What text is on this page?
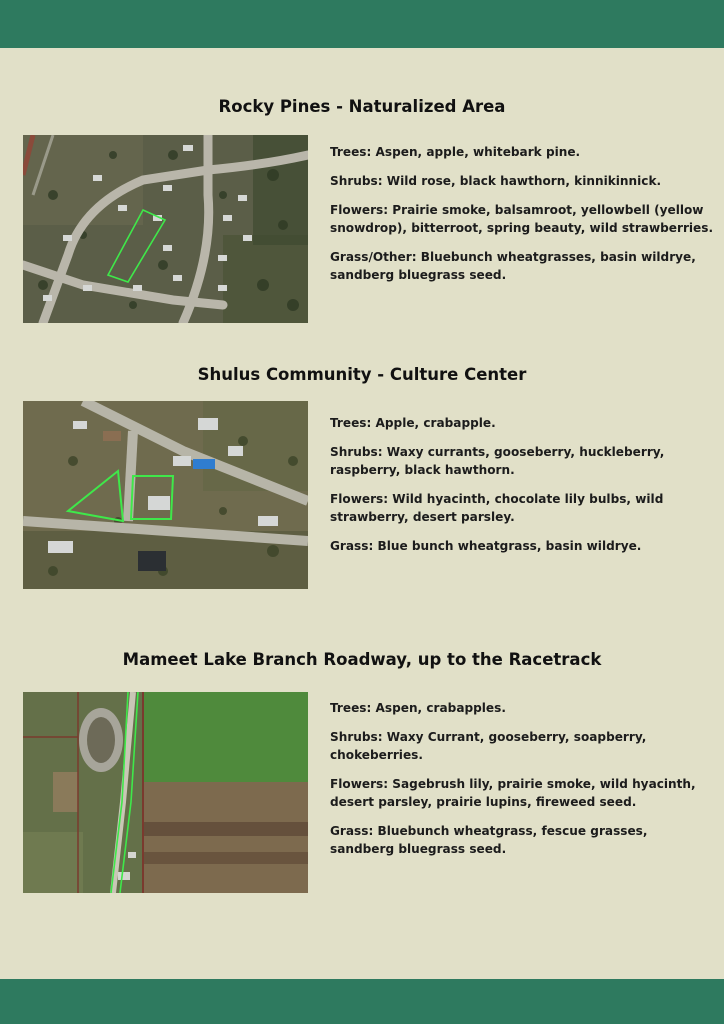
Rocky Pines - Naturalized Area

Trees: Aspen, apple, whitebark pine.

Shrubs: Wild rose, black hawthorn, kinnikinnick.

Flowers: Prairie smoke, balsamroot, yellowbell (yellow snowdrop), bitterroot, spring beauty, wild strawberries.

Grass/Other: Bluebunch wheatgrasses, basin wildrye, sandberg bluegrass seed.

Shulus Community - Culture Center

Trees: Apple, crabapple.

Shrubs: Waxy currants, gooseberry, huckleberry, raspberry, black hawthorn.

Flowers: Wild hyacinth, chocolate lily bulbs, wild strawberry, desert parsley.

Grass: Blue bunch wheatgrass, basin wildrye.

Mameet Lake Branch Roadway, up to the Racetrack

Trees: Aspen, crabapples.

Shrubs: Waxy Currant, gooseberry, soapberry, chokeberries.

Flowers: Sagebrush lily, prairie smoke, wild hyacinth, desert parsley, prairie lupins, fireweed seed.

Grass: Bluebunch wheatgrass, fescue grasses, sandberg bluegrass seed.
